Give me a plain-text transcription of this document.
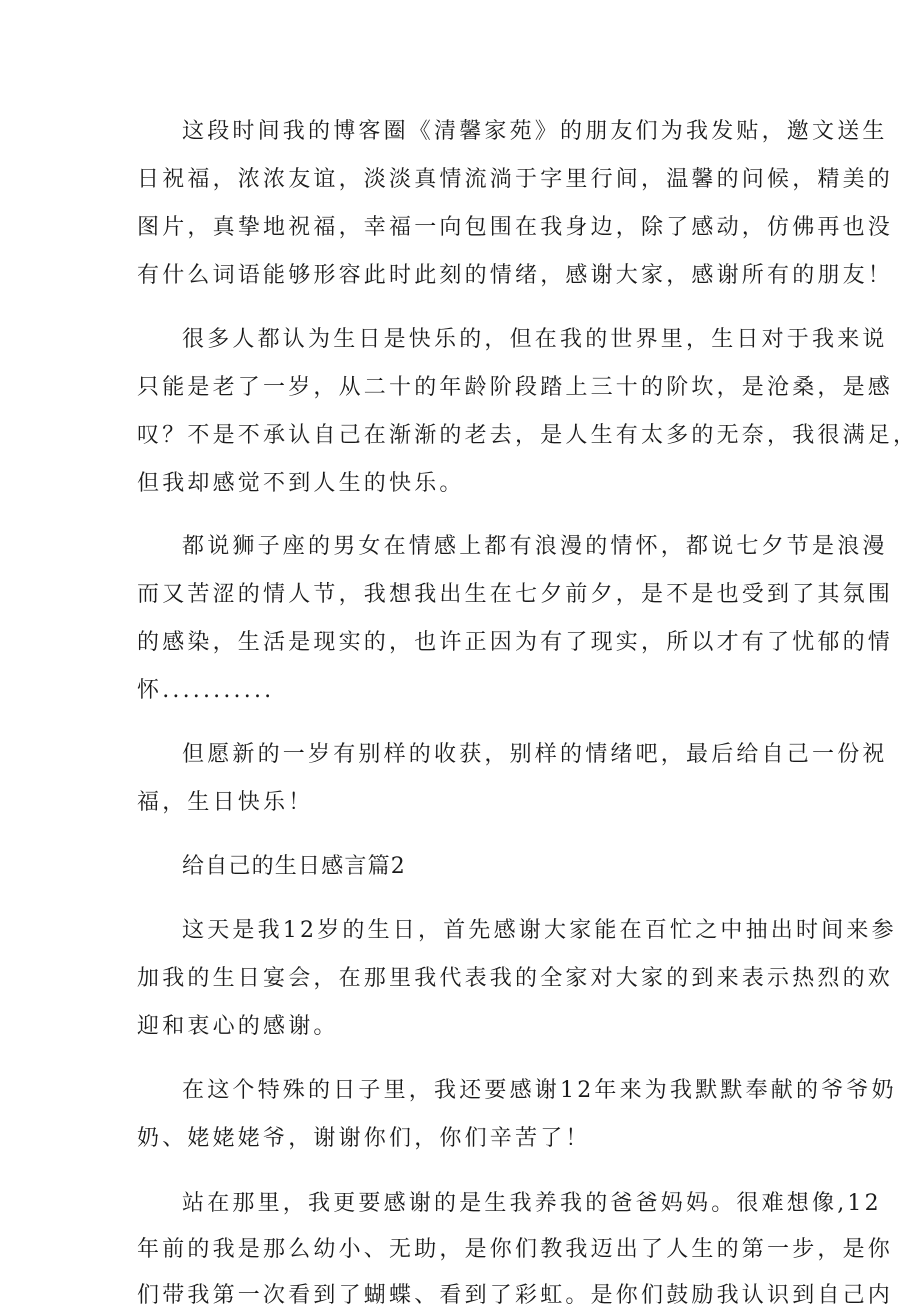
这段时间我的博客圈《清馨家苑》的朋友们为我发贴，邀文送生
日祝福，浓浓友谊，淡淡真情流淌于字里行间，温馨的问候，精美的
图片，真挚地祝福，幸福一向包围在我身边，除了感动，仿佛再也没
有什么词语能够形容此时此刻的情绪，感谢大家，感谢所有的朋友！
很多人都认为生日是快乐的，但在我的世界里，生日对于我来说
只能是老了一岁，从二十的年龄阶段踏上三十的阶坎，是沧桑，是感
叹？不是不承认自己在渐渐的老去，是人生有太多的无奈，我很满足，
但我却感觉不到人生的快乐。
都说狮子座的男女在情感上都有浪漫的情怀，都说七夕节是浪漫
而又苦涩的情人节，我想我出生在七夕前夕，是不是也受到了其氛围
的感染，生活是现实的，也许正因为有了现实，所以才有了忧郁的情
怀...........
但愿新的一岁有别样的收获，别样的情绪吧，最后给自己一份祝
福，生日快乐！
给自己的生日感言篇2
这天是我12岁的生日，首先感谢大家能在百忙之中抽出时间来参
加我的生日宴会，在那里我代表我的全家对大家的到来表示热烈的欢
迎和衷心的感谢。
在这个特殊的日子里，我还要感谢12年来为我默默奉献的爷爷奶
奶、姥姥姥爷，谢谢你们，你们辛苦了！
站在那里，我更要感谢的是生我养我的爸爸妈妈。很难想像,12
年前的我是那么幼小、无助，是你们教我迈出了人生的第一步，是你
们带我第一次看到了蝴蝶、看到了彩虹。是你们鼓励我认识到自己内
